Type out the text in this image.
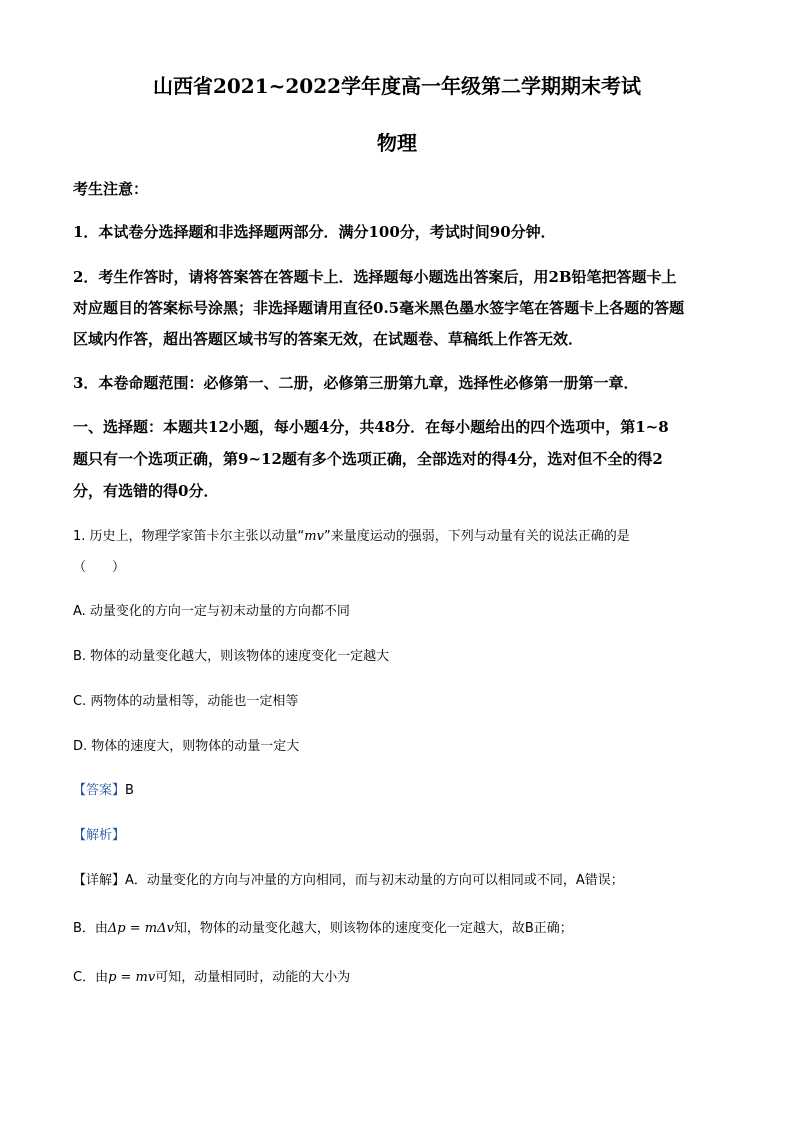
山西省2021~2022学年度高一年级第二学期期末考试
物理
考生注意：
1．本试卷分选择题和非选择题两部分．满分100分，考试时间90分钟．
2．考生作答时，请将答案答在答题卡上．选择题每小题选出答案后，用2B铅笔把答题卡上
对应题目的答案标号涂黑；非选择题请用直径0.5毫米黑色墨水签字笔在答题卡上各题的答题
区域内作答，超出答题区域书写的答案无效，在试题卷、草稿纸上作答无效．
3．本卷命题范围：必修第一、二册，必修第三册第九章，选择性必修第一册第一章．
一、选择题：本题共12小题，每小题4分，共48分．在每小题给出的四个选项中，第1~8
题只有一个选项正确，第9~12题有多个选项正确，全部选对的得4分，选对但不全的得2
分，有选错的得0分．
1. 历史上，物理学家笛卡尔主张以动量“mv”来量度运动的强弱，下列与动量有关的说法正确的是
（　　）
A. 动量变化的方向一定与初末动量的方向都不同
B. 物体的动量变化越大，则该物体的速度变化一定越大
C. 两物体的动量相等，动能也一定相等
D. 物体的速度大，则物体的动量一定大
【答案】B
【解析】
【详解】A．动量变化的方向与冲量的方向相同，而与初末动量的方向可以相同或不同，A错误；
B．由Δp = mΔv知，物体的动量变化越大，则该物体的速度变化一定越大，故B正确；
C．由p = mv可知，动量相同时，动能的大小为
